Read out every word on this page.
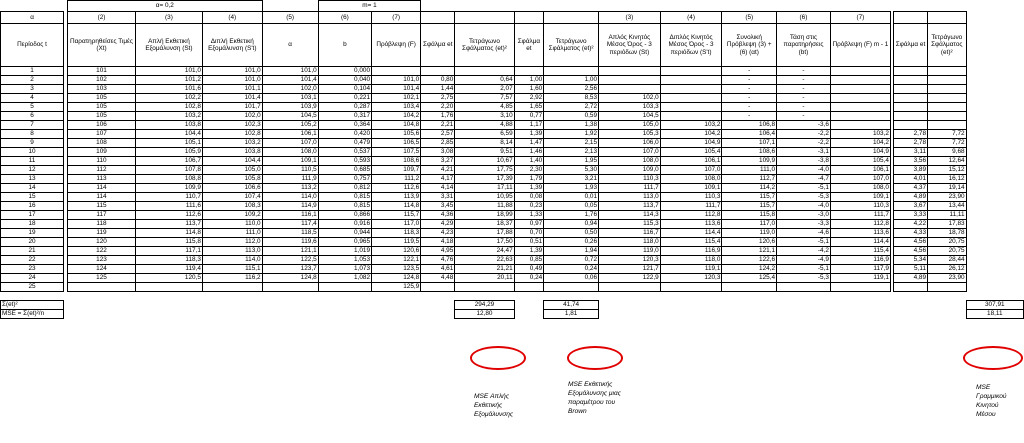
		α= 0,2				m= 1														
α		(2)	(3)	(4)	(5)	(6)	(7)					(3)	(4)	(5)	(6)	(7)				
Περίοδος t		Παρατηρηθείσες Τιμές (Xt)	Απλή Εκθετική Εξομάλυνση (St)	Διπλή Εκθετική Εξομάλυνση (S't)	α	b	Πρόβλεψη (F)	Σφάλμα et	Τετράγωνο Σφάλματος (et)²	Σφάλμα et	Τετράγωνο Σφάλματος (et)²	Απλός Κινητός Μέσος Όρος - 3 περιόδων (St)	Διπλός Κινητός Μέσος Όρος - 3 περιόδων (S't)	Συνολική Πρόβλεψη (3) + (6) (αt)	Τάση στις παρατηρήσεις (bt)	Πρόβλεψη (F) m - 1		Σφάλμα et	Τετράγωνο Σφάλματος (et)²	
1		101	101,0	101,0	101,0	0,000								-	-					
2		102	101,2	101,0	101,4	0,040	101,0	0,80	0,64	1,00	1,00			-	-					
3		103	101,6	101,1	102,0	0,104	101,4	1,44	2,07	1,60	2,56			-	-					
4		105	102,2	101,4	103,1	0,221	102,1	2,75	7,57	2,92	8,53	102,0		-	-					
5		105	102,8	101,7	103,9	0,287	103,4	2,20	4,85	1,65	2,72	103,3		-	-					
6		105	103,2	102,0	104,5	0,317	104,2	1,76	3,10	0,77	0,59	104,5		-	-					
7		106	103,8	102,3	105,2	0,364	104,8	2,21	4,88	1,17	1,38	105,0	103,2	106,8	-3,6					
8		107	104,4	102,8	106,1	0,420	105,6	2,57	6,59	1,39	1,92	105,3	104,2	106,4	-2,2	103,2		2,78	7,72	
9		108	105,1	103,2	107,0	0,479	106,5	2,85	8,14	1,47	2,15	106,0	104,9	107,1	-2,2	104,2		2,78	7,72	
10		109	105,9	103,8	108,0	0,537	107,5	3,08	9,51	1,46	2,13	107,0	105,4	108,6	-3,1	104,9		3,11	9,68	
11		110	106,7	104,4	109,1	0,593	108,6	3,27	10,67	1,40	1,95	108,0	106,1	109,9	-3,8	105,4		3,56	12,64	
12		112	107,8	105,0	110,5	0,685	109,7	4,21	17,75	2,30	5,30	109,0	107,0	111,0	-4,0	106,1		3,89	15,12	
13		113	108,8	105,8	111,9	0,757	111,2	4,17	17,39	1,79	3,21	110,3	108,0	112,7	-4,7	107,0		4,01	16,12	
14		114	109,9	106,6	113,2	0,812	112,6	4,14	17,11	1,39	1,93	111,7	109,1	114,2	-5,1	108,0		4,37	19,14	
15		114	110,7	107,4	114,0	0,815	113,9	3,31	10,95	0,08	0,01	113,0	110,3	115,7	-5,3	109,1		4,89	23,90	
16		115	111,6	108,3	114,9	0,815	114,8	3,45	11,88	0,23	0,05	113,7	111,7	115,7	-4,0	110,3		3,67	13,44	
17		117	112,6	109,2	116,1	0,866	115,7	4,36	18,99	1,33	1,76	114,3	112,8	115,8	-3,0	111,7		3,33	11,11	
18		118	113,7	110,0	117,4	0,916	117,0	4,29	18,37	0,97	0,94	115,3	113,6	117,0	-3,3	112,8		4,22	17,83	
19		119	114,8	111,0	118,5	0,944	118,3	4,23	17,88	0,70	0,50	116,7	114,4	119,0	-4,6	113,6		4,33	18,78	
20		120	115,8	112,0	119,6	0,965	119,5	4,18	17,50	0,51	0,26	118,0	115,4	120,6	-5,1	114,4		4,56	20,75	
21		122	117,1	113,0	121,1	1,019	120,6	4,95	24,47	1,39	1,94	119,0	116,9	121,1	-4,2	115,4		4,56	20,75	
22		123	118,3	114,0	122,5	1,053	122,1	4,76	22,63	0,85	0,72	120,3	118,0	122,6	-4,9	116,9		5,34	28,44	
23		124	119,4	115,1	123,7	1,073	123,5	4,61	21,21	0,49	0,24	121,7	119,1	124,2	-5,1	117,9		5,11	26,12	
24		125	120,5	116,2	124,8	1,082	124,8	4,48	20,11	0,24	0,06	122,9	120,3	125,4	-5,3	119,1		4,89	23,90	
25							125,9													

Σ(et)²									294,29		41,74									307,91
MSE = Σ(et)²/n									12,80		1,81									18,11
MSE Απλής Εκθετικής Εξομάλυνσης
MSE Εκθετικής Εξομάλυνσης μιας παραμέτρου του Brown
MSE Γραμμικού Κινητού Μέσου
